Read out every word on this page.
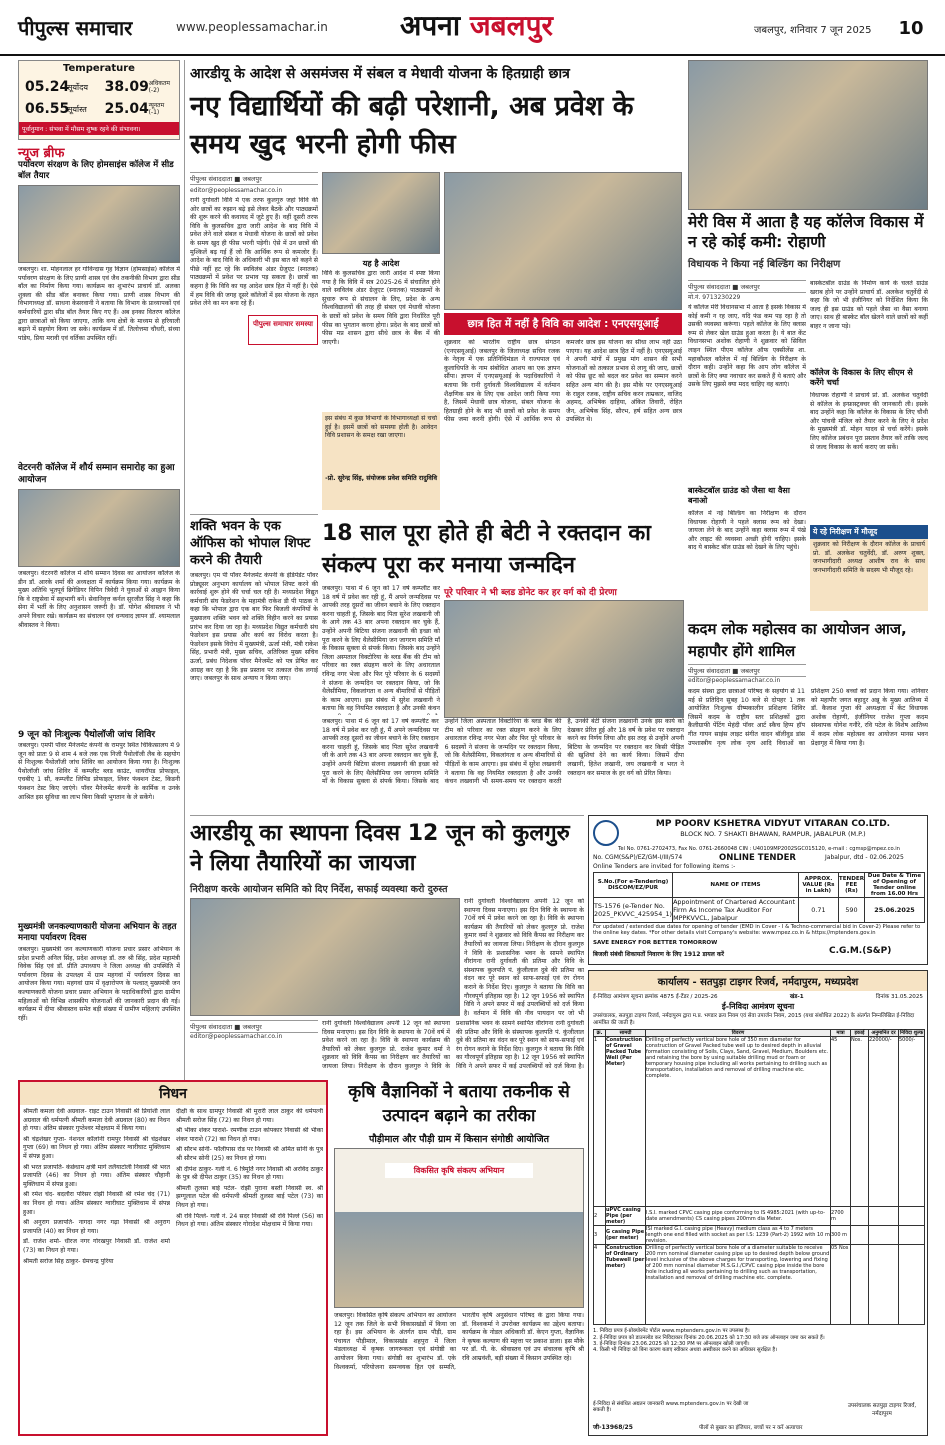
पीपुल्स समाचार	www.peoplessamachar.in	अपना जबलपुर	जबलपुर, शनिवार 7 जून 2025	10
Temperature
05.24
सूर्योदय	38.09 अधिकतम (-2)
06.55
सूर्यास्त	25.04 न्यूनतम (-1)
पूर्वानुमान : संभवा में मौसम शुष्क रहने की संभावना।
न्यूज ब्रीफ
पर्यावरण संरक्षण के लिए होमसाइंस कॉलेज में सीड बॉल तैयार
जबलपुर। शा. मोहनलाल हर गोविन्दास गृह विज्ञान (होमसाइंस) कॉलेज में पर्यावरण संरक्षण के लिए प्राणी शास्त्र एवं जैव तकनीकी विभाग द्वारा सीड बॉल का निर्माण किया गया। कार्यक्रम का शुभारंभ प्राचार्य डॉ. अलका शुक्ला की सीड बॉल बनाकर किया गया। प्राणी शास्त्र विभाग की विभागाध्यक्ष डॉ. साधना केसरवानी ने बताया कि विभाग के प्राध्यापकों एवं कर्मचारियों द्वारा सीड बॉल तैयार किए गए हैं। अब इनका वितरण कॉलेज द्वारा छात्राओं को किया जाएगा, ताकि वन्य क्षेत्रों के माध्यम से हरियाली बढ़ाने में सहयोग किया जा सके। कार्यक्रम में डॉ. तिलोत्तमा चौधरी, संध्या पांडेय, प्रिया मरावी एवं वर्तिका उपस्थित रहीं।
वेटरनरी कॉलेज में शौर्य सम्मान समारोह का हुआ आयोजन
जबलपुर। वेटरनरी कॉलेज में शौर्य सम्मान दिवस का आयोजन कॉलेज के डीन डॉ. आरके शर्मा की अध्यक्षता में कार्यक्रम किया गया। कार्यक्रम के मुख्य अतिथि भूतपूर्व ब्रिगेडियर विपिन त्रिवेदी ने युवाओं से आह्वान किया कि वे राष्ट्रसेवा में सहभागी बनें। सेवानिवृत्त कर्नल सुरजीत सिंह ने कहा कि सेना में भर्ती के लिए अनुशासन जरूरी है। डॉ. योगेश श्रीवास्तव ने भी अपने विचार रखे। कार्यक्रम का संचालन एवं धन्यवाद ज्ञापन डॉ. श्यामलाल श्रीवास्तव ने किया।
9 जून को निःशुल्क पैथोलॉजी जांच शिविर
जबलपुर। एमपी पॉवर मैनेजमेंट कंपनी के रामपुर स्थित चिकित्सालय में 9 जून को प्रातः 9 से शाम 4 बजे तक एक निजी पैथोलॉजी लैब के सहयोग से निःशुल्क पैथोलॉजी जांच शिविर का आयोजन किया गया है। निःशुल्क पैथोलॉजी जांच शिविर में कम्प्लीट ब्लड काउंट, थायरॉयड प्रोफाइल, एचबीए 1 सी, कम्प्लीट लिपिड प्रोफाइल, लिवर फंक्शन टेस्ट, किडनी फंक्शन टेस्ट किए जाएंगे। पॉवर मैनेजमेंट कंपनी के कार्मिक व उनके आश्रित इस सुविधा का लाभ बिना किसी भुगतान के ले सकेंगे।
मुख्यमंत्री जनकल्याणकारी योजना अभियान के तहत मनाया पर्यावरण दिवस
जबलपुर। मुख्यमंत्री जन कल्याणकारी योजना प्रचार प्रसार अभियान के प्रदेश प्रभारी अनिल सिंह, प्रदेश आध्यक्ष डॉ. तरु श्री सिंह, प्रदेश महामंत्री विवेक सिंह एवं डॉ. प्रीति उपाध्याय ने जिला अध्यक्ष की उपस्थिति में पर्यावरण दिवस के उपलक्ष्य में ग्राम महगवां में पर्यावरण दिवस का आयोजन किया गया। महगवां ग्राम में वृक्षारोपण के पश्चात् मुख्यमंत्री जन कल्याणकारी योजना प्रचार प्रसार अभियान के पदाधिकारियों द्वारा ग्रामीण महिलाओं को विभिन्न शासकीय योजनाओं की जानकारी प्रदान की गई। कार्यक्रम में दीपा श्रीवास्तव समेत बड़ी संख्या में ग्रामीण महिलाएं उपस्थित रहीं।
आरडीयू के आदेश से असमंजस में संबल व मेधावी योजना के हितग्राही छात्र
नए विद्यार्थियों की बढ़ी परेशानी, अब प्रवेश के समय खुद भरनी होगी फीस
पीपुल्स संवाददाता ■ जबलपुर
editor@peoplessamachar.co.in
रानी दुर्गावती विवि में एक तरफ कुलगुरु जहां विवि की ओर छात्रों का रुझान बढ़े इसे लेकर बैठकें और पाठ्यक्रमों की शुरू करने की कवायद में जुटे हुए हैं। वहीं दूसरी तरफ विवि के कुलसचिव द्वारा जारी आदेश के बाद विवि में प्रवेश लेने वाले संबल व मेधावी योजना के छात्रों को प्रवेश के समय खुद ही फीस भरनी पड़ेगी। ऐसे में उन छात्रों की मुश्किलें बढ़ गई हैं जो कि आर्थिक रूप से कमजोर हैं। आदेश के बाद विवि के अधिकारी भी इस बात को कहने से पीछे नहीं हट रहे कि स्वविलंब अंडर ग्रेजुएट (स्नातक) पाठ्यक्रमों में प्रवेश पर प्रभाव पड़ सकता है। छात्रों का कहना है कि विवि का यह आदेश छात्र हित में नहीं है। ऐसे में हम विवि की जगह दूसरे कॉलेजों में इस योजना के तहत प्रवेश लेने का मन बना रहे हैं।
यह है आदेश
विवि के कुलसचिव द्वारा जारी आदेश में स्पष्ट किया गया है कि विवि में सत्र 2025-26 में संचालित होने वाले स्वविलंब अंडर ग्रेजुएट (स्नातक) पाठ्यक्रमों के सुचारु रूप से संचालन के लिए, प्रदेश के अन्य विश्वविद्यालयों की तरह ही संबल एवं मेधावी योजना के छात्रों को प्रवेश के समय विवि द्वारा निर्धारित पूरी फीस का भुगतान करना होगा। प्रदेश के बाद छात्रों को फीस मप्र शासन द्वारा सीधे छात्र के बैंक में की जाएगी।
पीपुल्स समाचार समस्या
इस संबंध में कुछ विभागों के विभागाध्यक्षों से चर्चा हुई है। इसमें छात्रों को समस्या होती है। आवेदन विवि प्रशासन के समक्ष रखा जाएगा।
-प्रो. सुरेन्द्र सिंह, संयोजक प्रवेश समिति रादुविवि
छात्र हित में नहीं है विवि का आदेश : एनएसयूआई
शुक्रवार को भारतीय राष्ट्रीय छात्र संगठन (एनएसयूआई) जबलपुर के जिलाध्यक्ष सचिन रजक के नेतृत्व में एक प्रतिनिधिमंडल ने राज्यपाल एवं कुलाधिपति के नाम संबोधित आशय का एक ज्ञापन सौंपा। ज्ञापन में एनएसयूआई के पदाधिकारियों ने बताया कि रानी दुर्गावती विश्वविद्यालय में वर्तमान शैक्षणिक सत्र के लिए एक आदेश जारी किया गया है, जिसमें मेधावी छात्र योजना, संबल योजना के हितग्राही होने के बाद भी छात्रों को प्रवेश के समय फीस जमा करनी होगी। ऐसे में आर्थिक रूप से कमजोर छात्र इस योजना का सीधा लाभ नहीं उठा पाएगा। यह आदेश छात्र हित में नहीं है। एनएसयूआई ने अपनी मांगों में प्रमुख मांग शासन की सभी योजनाओं को तत्काल प्रभाव से लागू की जाए, छात्रों को फीस छूट को बदल कर प्रवेश का सम्मान करने सहित अन्य मांग की है। इस मौके पर एनएसयूआई के राहुल रजक, राष्ट्रीय सचिव करन ताम्रकार, वाजिद अहमद, अभिषेक दाहिया, अंकित तिवारी, रोहित जैन, अभिषेक सिंह, सौरभ, हर्ष सहित अन्य छात्र उपस्थित थे।
मेरी विस में आता है यह कॉलेज विकास में न रहे कोई कमी: रोहाणी
विधायक ने किया नई बिल्डिंग का निरीक्षण
पीपुल्स संवाददाता ■ जबलपुर
मो.नं. 9713230229
ये कॉलेज मेरी विधानसभा में आता है इसके विकास में कोई कमी न रह जाए, यदि फंड कम पड़ रहा है तो उसकी व्यवस्था करूंगा। पहले कॉलेज के लिए क्लास रूम से लेकर खेल ग्राउंड हुआ करता है। ये बात केंट विधानसभा अशोक रोहाणी ने शुक्रवार को सिविल लाइन स्थित पीएम कॉलेज ऑफ एक्सीलेंस शा. महाकौशल कॉलेज में नई बिल्डिंग के निरीक्षण के दौरान कही। उन्होंने कहा कि आप लोग कॉलेज में छात्रों के लिए क्या नवाचार कर सकते हैं ये बताएं और उसके लिए मुझसे क्या मदद चाहिए वह बताएं।
बास्केटबॉल ग्राउंड को जैसा था वैसा बनाओ
कॉलेज में नई बिल्डिंग का निरीक्षण के दौरान विधायक रोहाणी ने पहले क्लास रूम को देखा। जायजा लेने के बाद उन्होंने कहा क्लास रूम में पंखे और लाइट की व्यवस्था अच्छी होनी चाहिए। इसके बाद ये बास्केट बॉल ग्राउंड को देखने के लिए पहुंचे।
बास्केटबॉल ग्राउंड के निर्माण कार्य के चलते ग्राउंड खराब होने पर उन्होंने प्राचार्य डॉ. अलकेश चतुर्वेदी से कहा कि जो भी इंजीनियर को निर्देशित किया कि जल्द ही इस ग्राउंड को पहले जैसा था वैसा बनाया जाए। साथ ही बास्केट बॉल खेलने वाले छात्रों को कहीं बाहर न जाना पड़े।
कॉलेज के विकास के लिए सीएम से करेंगे चर्चा
विधायक रोहाणी ने प्राचार्य प्रो. डॉ. अलकेश चतुर्वेदी से कॉलेज के इन्फ्रास्ट्रक्चर की जानकारी ली। इसके बाद उन्होंने कहा कि कॉलेज के विकास के लिए चौथी और पांचवी मंजिल को तैयार करने के लिए वे प्रदेश के मुख्यमंत्री डॉ. मोहन यादव से चर्चा करेंगे। इसके लिए कॉलेज प्रबंधन पूरा प्रस्ताव तैयार करें ताकि जल्द से जल्द विकास के कार्य कराए जा सकें।
ये रहे निरीक्षण में मौजूद
शुक्रवार को निरीक्षण के दौरान कॉलेज के प्राचार्य प्रो. डॉ. अलकेश चतुर्वेदी, डॉ. अरुण शुक्ल, जनभागीदारी अध्यक्ष आशीष राव के साथ जनभागीदारी समिति के सदस्य भी मौजूद रहे।
शक्ति भवन के एक ऑफिस को भोपाल शिफ्ट करने की तैयारी
जबलपुर। एम पी पॉवर मैनेजमेंट कंपनी के इंडिपेंडेंट पॉवर प्रोड्यूसर अनुभाग कार्यालय को भोपाल शिफ्ट करने की कार्रवाई शुरू होने की चर्चा चल रही है। मध्यप्रदेश विद्युत कर्मचारी संघ फेडरेशन के महामंत्री राकेश डी पी पाठक ने कहा कि भोपाल द्वारा एक बार फिर बिजली कंपनियों के मुख्यालय शक्ति भवन को शक्ति विहीन करने का प्रयास प्रारंभ कर दिया जा रहा है। मध्यप्रदेश विद्युत कर्मचारी संघ फेडरेशन इस प्रयास और कार्य का विरोध करता है। फेडरेशन इसके विरोध में मुख्यमंत्री, ऊर्जा मंत्री, मंत्री राकेश सिंह, प्रभारी मंत्री, मुख्य सचिव, अतिरिक्त मुख्य सचिव ऊर्जा, प्रबंध निदेशक पॉवर मैनेजमेंट को पत्र प्रेषित कर आग्रह कर रहा है कि इस प्रस्ताव पर तत्काल रोक लगाई जाए। जबलपुर के साथ अन्याय न किया जाए।
18 साल पूरा होते ही बेटी ने रक्तदान का संकल्प पूरा कर मनाया जन्मदिन
जबलपुर। पाथा में 6 जून को 17 वर्ष कम्प्लीट कर 18 वर्ष में प्रवेश कर रही हूं, मैं अपने जन्मदिवस पर आपकी तरह दूसरों का जीवन बचाने के लिए रक्तदान करना चाहती हूं, जिसके बाद पिता सुरेश लखवानी जी के आगे तक 43 बार अपना रक्तदान कर चुके हैं, उन्होंने अपनी बिटिया संजना लखवानी की इच्छा को पूरा करने के लिए थैलेसीमिया जन जागरण समिति माँ के विकास सुक्ला से संपर्क किया। जिसके बाद उन्होंने जिला अस्पताल विक्टोरिया के ब्लड बैंक की टीम को परिवार का रक्त संग्रहण करने के लिए अधारताल रविन्द्र नगर भेजा और फिर पूरे परिवार के 6 सदस्यों ने संजना के जन्मदिन पर रक्तदान किया, जो कि थैलेसीमिया, विकलांगता व अन्य बीमारियों से पीड़ितों के काम आएगा। इस संबंध में सुरेश लखवानी ने बताया कि वह नियमित रक्तदाता है और उनकी कंचन
पूरे परिवार ने भी ब्लड डोनेट कर हर वर्ग को दी प्रेरणा
जबलपुर। पाथा में 6 जून को 17 वर्ष कम्प्लीट कर 18 वर्ष में प्रवेश कर रही हूं, मैं अपने जन्मदिवस पर आपकी तरह दूसरों का जीवन बचाने के लिए रक्तदान करना चाहती हूं, जिसके बाद पिता सुरेश लखवानी जी के आगे तक 43 बार अपना रक्तदान कर चुके हैं, उन्होंने अपनी बिटिया संजना लखवानी की इच्छा को पूरा करने के लिए थैलेसीमिया जन जागरण समिति माँ के विकास सुक्ला से संपर्क किया। जिसके बाद उन्होंने जिला अस्पताल विक्टोरिया के ब्लड बैंक की टीम को परिवार का रक्त संग्रहण करने के लिए अधारताल रविन्द्र नगर भेजा और फिर पूरे परिवार के 6 सदस्यों ने संजना के जन्मदिन पर रक्तदान किया, जो कि थैलेसीमिया, विकलांगता व अन्य बीमारियों से पीड़ितों के काम आएगा। इस संबंध में सुरेश लखवानी ने बताया कि वह नियमित रक्तदाता है और उनकी कंचन लखवानी भी समय-समय पर रक्तदान करती है, उनकी बेटी संजना लखवानी उनके इस कार्य को देखकर प्रेरित हुई और 18 वर्ष के प्रवेश पर रक्तदान करने का निर्णय लिया और इस तरह से उन्होंने अपनी बिटिया के जन्मदिन पर रक्तदान कर किसी पीड़ित की खुशियां देने का कार्य किया। जिसमें दीपा लखानी, हितेश लखानी, जय लखवानी व भरत ने रक्तदान कर समाज के हर वर्ग को प्रेरित किया।
कदम लोक महोत्सव का आयोजन आज, महापौर होंगे शामिल
पीपुल्स संवाददाता ■ जबलपुर
editor@peoplessamachar.co.in
कदम संस्था द्वारा छात्राओं परिषद के सहयोग से 11 मई से प्रतिदिन सुबह 10 बजे से दोपहर 1 तक आयोजित निःशुल्क ग्रीष्मकालीन प्रशिक्षण शिविर जिसमें कदम के राष्ट्रीय स्तर प्रशिक्षकों द्वारा कैलीग्राफी पेंटिंग मेहंदी पॉवर आर्ट स्कैच हिप्प हॉप गीत गायन साइंस लाइट संगीत वादन बॉलीवुड डांस उपशास्त्रीय नृत्य लोक नृत्य आदि विधाओं का प्रशिक्षण 250 बच्चों को प्रदान किया गया। शनिवार को महापौर जगत बहादुर अन्नू के मुख्य आतिथ्य में डॉ. कैलाश गुप्ता की अध्यक्षता में केंट विधायक अशोक रोहाणी, इंजीनियर राजेश गुप्ता कदम संस्थापक योगेश गनौरे, रवि पटेल के विशेष आतिथ्य में कदम लोक महोत्सव का आयोजन मानस भवन प्रेक्षागृह में किया गया है।
आरडीयू का स्थापना दिवस 12 जून को कुलगुरु ने लिया तैयारियों का जायजा
निरीक्षण करके आयोजन समिति को दिए निर्देश, सफाई व्यवस्था करो दुरुस्त
पीपुल्स संवाददाता ■ जबलपुर
editor@peoplessamachar.co.in
रानी दुर्गावती विश्वविद्यालय अपनी 12 जून को स्थापना दिवस मनाएगा। इस दिन विवि के स्थापना के 70वें वर्ष में प्रवेश करने जा रहा है। विवि के स्थापना कार्यक्रम की तैयारियों को लेकर कुलगुरु प्रो. राजेश कुमार वर्मा ने शुक्रवार को विवि कैंपस का निरीक्षण कर तैयारियों का जायजा लिया। निरीक्षण के दौरान कुलगुरु ने विवि के प्रशासनिक भवन के सामने स्थापित वीरांगना रानी दुर्गावती की प्रतिमा और विवि के संस्थापक कुलपति पं. कुंजीलाल दुबे की प्रतिमा का वंदन कर पूरे स्थान को साफ-सफाई एवं रंग रोगन कराने के निर्देश दिए। कुलगुरु ने बताया कि विवि का गौरवपूर्ण इतिहास रहा है। 12 जून 1956 को स्थापित विवि ने अपने सफर में कई उपलब्धियों को दर्ज किया है।
रानी दुर्गावती विश्वविद्यालय अपनी 12 जून को स्थापना दिवस मनाएगा। इस दिन विवि के स्थापना के 70वें वर्ष में प्रवेश करने जा रहा है। विवि के स्थापना कार्यक्रम की तैयारियों को लेकर कुलगुरु प्रो. राजेश कुमार वर्मा ने शुक्रवार को विवि कैंपस का निरीक्षण कर तैयारियों का जायजा लिया। निरीक्षण के दौरान कुलगुरु ने विवि के प्रशासनिक भवन के सामने स्थापित वीरांगना रानी दुर्गावती की प्रतिमा और विवि के संस्थापक कुलपति पं. कुंजीलाल दुबे की प्रतिमा का वंदन कर पूरे स्थान को साफ-सफाई एवं रंग रोगन कराने के निर्देश दिए। कुलगुरु ने बताया कि विवि का गौरवपूर्ण इतिहास रहा है। 12 जून 1956 को स्थापित विवि ने अपने सफर में कई उपलब्धियों को दर्ज किया है। वर्तमान में विवि की नीव पायदान पर जो भी
MP POORV KSHETRA VIDYUT VITARAN CO.LTD.
BLOCK NO. 7 SHAKTI BHAWAN, RAMPUR, JABALPUR (M.P.)
Tel No. 0761-2702473, Fax No. 0761-2660048 CIN : U40109MP2002SGC015120, e-mail : cgmsp@mpez.co.in
No. CGM(S&P)/EZ/GM-I/III/574	ONLINE TENDER	Jabalpur, dtd - 02.06.2025
Online Tenders are invited for following items :-
S.No.(For e-Tendering) DISCOM/EZ/PUR	NAME OF ITEMS	APPROX. VALUE (Rs in Lakh)	TENDER FEE (Rs)	Due Date & Time of Opening of Tender online from 16.00 Hrs
TS-1576 (e-Tender No. 2025_PKVVC_425954_1)	Appointment of Chartered Accountant Firm As Income Tax Auditor For MPPKVVCL, Jabalpur	0.71	590	25.06.2025
For updated / extended due dates for opening of tender (EMD in Cover - I & Techno-commercial bid in Cover-2) Please refer to the online key dates. *For other details visit Company's website: www.mpez.co.in & https://mptenders.gov.in
SAVE ENERGY FOR BETTER TOMORROW
बिजली संबंधी शिकायतों निवारण के लिए 1912 डायल करें	C.G.M.(S&P)
निधन
श्रीमती कमला देवी अग्रवाल- राइट टाउन निवासी श्री प्रियांशी लाल अग्रवाल की धर्मपत्नी श्रीमती कमला देवी अग्रवाल (80) का निधन हो गया। अंतिम संस्कार गुप्तेश्वर मोक्षधाम में किया गया।
श्री चंद्रशेखर गुप्ता- नेशनल कॉलोनी रामपुर निवासी श्री चंद्रशेखर गुप्ता (69) का निधन हो गया। अंतिम संस्कार ग्वारीघाट मुक्तिधाम में संपन्न हुआ।
श्री भरत प्रजापति- कंछेधाम क्षत्री मार्ग तलैयाटोली निवासी श्री भरत प्रजापति (46) का निधन हो गया। अंतिम संस्कार चौहानी मुक्तिधाम में संपन्न हुआ।
श्री रमेश चंद- बदलौरा परिसर रांझी निवासी श्री रमेश चंद (71) का निधन हो गया। अंतिम संस्कार ग्वारीघाट मुक्तिधाम में संपन्न हुआ।
श्री अनुराग प्रजापति- नागदा नगर गढ़ा निवासी श्री अनुराग प्रजापति (40) का निधन हो गया।
डॉ. राजेश शर्मा- धीरज नगर गोरखपुर निवासी डॉ. राजेश शर्मा (73) का निधन हो गया।
श्रीमती सरोज सिंह ठाकुर- ग्रेमचन्द्र पुरिया
दीक्षी के साथ ग्रामपुर निवासी श्री मुरारी लाल ठाकुर की धर्मपत्नी श्रीमती सरोज सिंह (72) का निधन हो गया।
श्री भीका शंकर पाराशे- रमणीक टाउन कोपकार निवासी श्री भीका शंकर पाराशे (72) का निधन हो गया।
श्री सौरभ सोनी- फॉलीपास रोड पर निवासी श्री अमित सोनी के पुत्र श्री सौरभ सोनी (25) का निधन हो गया।
श्री दीपेश ठाकुर- गली नं. 6 त्रिमूर्ति नगर निवासी श्री अरविंद ठाकुर के पुत्र श्री दीपेश ठाकुर (35) का निधन हो गया।
श्रीमती तुलसा बाई पटेल- रांझी पुराना बस्ती निवासी स्व. श्री झग्गूलाल पटेल की धर्मपत्नी श्रीमती तुलसा बाई पटेल (73) का निधन हो गया।
श्री रवि पिल्ले- गली नं. 24 सदर निवासी श्री रवि पिल्ले (56) का निधन हो गया। अंतिम संस्कार गोरादेश मोक्षधाम में किया गया।
कृषि वैज्ञानिकों ने बताया तकनीक से उत्पादन बढ़ाने का तरीका
पौड़ीमाल और पौड़ी ग्राम में किसान संगोष्ठी आयोजित
विकसित कृषि संकल्प अभियान
जबलपुर। विकसित कृषि संकल्प अभियान का आयोजन 12 जून तक जिले के सभी विकासखंडों में किया जा रहा है। इस अभियान के अंतर्गत ग्राम पौड़ी, ग्राम पंचायत पौड़ीमाल, विकासखंड शहपुरा में जिला मंडलाध्यक्ष में कृषक जागरूकता एवं संगोष्ठी का आयोजन किया गया। संगोष्ठी का शुभारंभ डॉ. एके विश्वकर्मा, परियोजना समन्वयक हित एवं सम्मति, भारतीय कृषि अनुसंधान परिषद के द्वारा किया गया। डॉ. विश्वकर्मा ने उपरोक्त कार्यक्रम का उद्देश्य बताया। कार्यक्रम के नोडल अधिकारी डॉ. केएन गुप्ता, वैज्ञानिक ने कृषक कल्याण की महत्ता पर प्रकाश डाला। इस मौके पर डॉ. पी. के. श्रीवास्तव एवं उप संचालक कृषि श्री रवि आम्रवंशी, बड़ी संख्या में किसान उपस्थित रहे।
कार्यालय - सतपुड़ा टाइगर रिजर्व, नर्मदापुरम, मध्यप्रदेश
ई-निविदा आमंत्रण सूचना क्रमांक 4875 ई-टेंडर / 2025-26	खंड-1	दिनांक 31.05.2025
ई-निविदा आमंत्रण सूचना
उपसंचालक, सतपुड़ा टाइगर रिजर्व, नर्मदापुरम द्वारा म.प्र. भण्डार क्रय नियम एवं सेवा उपार्जन नियम, 2015 (यथा संशोधित 2022) के अंतर्गत निम्नलिखित ई-निविदा आमंत्रित की जाती है।
क्र.	सामग्री	विवरण	मात्रा	इकाई	अनुमानित दर	निविदा शुल्क
1	Construction of Gravel Packed Tube Well (Per Meter)	Drilling of perfectly vertical bore hole of 350 mm diameter for construction of Gravel Packed tube well up to desired depth in alluvial formation consisting of Soils, Clays, Sand, Gravel, Medium, Boulders etc. and retaining the bore by using suitable drilling mud or foam or temporary housing pipe including all works pertaining to drilling such as transportation, installation and removal of drilling machine etc. complete.	45	Nos.	220000/-	5000/-
2	uPVC casing Pipe (per meter)	I.S.I. marked CPVC casing pipe conforming to IS 4985:2021 (with up-to-date amendments) CS casing pipes 200mm dia Meter.	2700 m			
3	G casing Pipe (per meter)	ISI marked G.I. casing pipe (Heavy) medium class as 4 to 7 meters length one end filled with socket as per I.S: 1239 (Part-2) 1992 with 10 m revision.	300 m			
4	Construction of Ordinary Tubewell (per meter)	Drilling of perfectly vertical bore hole of a diameter suitable to receive 200 mm nominal diameter casing pipe up to desired depth below ground level inclusive of the above charges for transporting, lowering and fixing of 200 mm nominal diameter M.S.G.I./CPVC casing pipe inside the bore hole including all works pertaining to drilling such as transportation, installation and removal of drilling machine etc. complete.	05 Nos			
1. निविदा प्रपत्र ई-प्रोक्योरमेंट पोर्टल www.mptenders.gov.in पर उपलब्ध है।
2. ई-निविदा प्रपत्र को डाउनलोड कर निविदाकार दिनांक 20.06.2025 को 17:30 बजे तक ऑनलाइन जमा कर सकते हैं।
3. ई-निविदा दिनांक 23.06.2025 को 12:30 PM पर ऑनलाइन खोली जाएगी।
4. किसी भी निविदा को बिना कारण बताए स्वीकार अथवा अस्वीकार करने का अधिकार सुरक्षित है।
ई-निविदा से संबंधित अद्यतन जानकारी www.mptenders.gov.in पर देखी जा सकती है।
जी-13968/25	पीलों से बुखार का इंजियार, बच्चों पर न करें अत्याचार
उपसंचालक सतपुड़ा टाइगर रिजर्व, नर्मदापुरम
